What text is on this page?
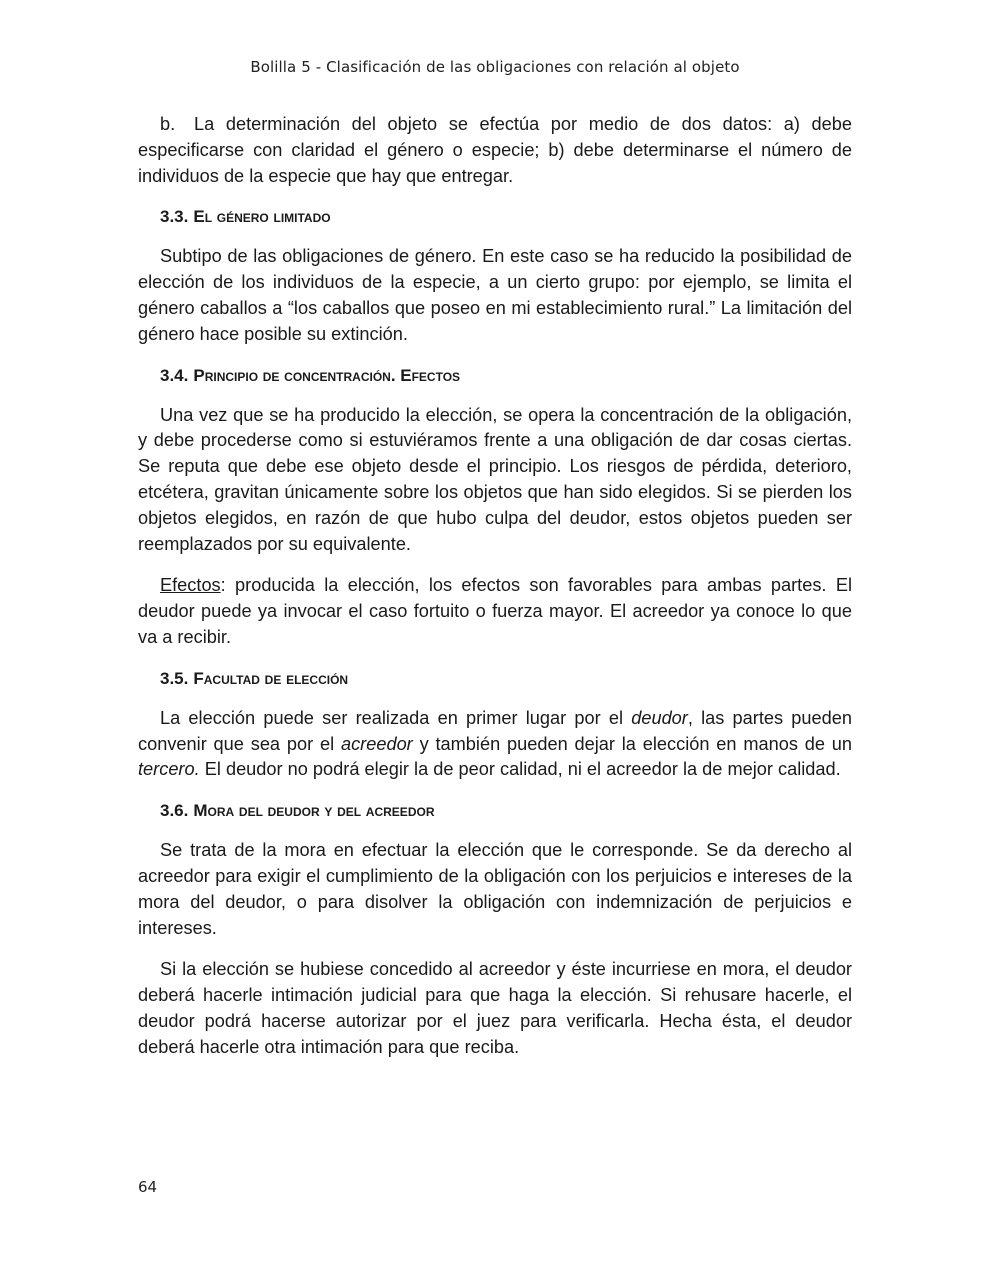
Bolilla 5 - Clasificación de las obligaciones con relación al objeto

b. La determinación del objeto se efectúa por medio de dos datos: a) debe especificarse con claridad el género o especie; b) debe determinarse el número de individuos de la especie que hay que entregar.

3.3. El género limitado

Subtipo de las obligaciones de género. En este caso se ha reducido la posibilidad de elección de los individuos de la especie, a un cierto grupo: por ejemplo, se limita el género caballos a “los caballos que poseo en mi establecimiento rural.” La limitación del género hace posible su extinción.

3.4. Principio de concentración. Efectos

Una vez que se ha producido la elección, se opera la concentración de la obligación, y debe procederse como si estuviéramos frente a una obligación de dar cosas ciertas. Se reputa que debe ese objeto desde el principio. Los riesgos de pérdida, deterioro, etcétera, gravitan únicamente sobre los objetos que han sido elegidos. Si se pierden los objetos elegidos, en razón de que hubo culpa del deudor, estos objetos pueden ser reemplazados por su equivalente.

Efectos: producida la elección, los efectos son favorables para ambas partes. El deudor puede ya invocar el caso fortuito o fuerza mayor. El acreedor ya conoce lo que va a recibir.

3.5. Facultad de elección

La elección puede ser realizada en primer lugar por el deudor, las partes pueden convenir que sea por el acreedor y también pueden dejar la elección en manos de un tercero. El deudor no podrá elegir la de peor calidad, ni el acreedor la de mejor calidad.

3.6. Mora del deudor y del acreedor

Se trata de la mora en efectuar la elección que le corresponde. Se da derecho al acreedor para exigir el cumplimiento de la obligación con los perjuicios e intereses de la mora del deudor, o para disolver la obligación con indemnización de perjuicios e intereses.

Si la elección se hubiese concedido al acreedor y éste incurriese en mora, el deudor deberá hacerle intimación judicial para que haga la elección. Si rehusare hacerle, el deudor podrá hacerse autorizar por el juez para verificarla. Hecha ésta, el deudor deberá hacerle otra intimación para que reciba.

64
